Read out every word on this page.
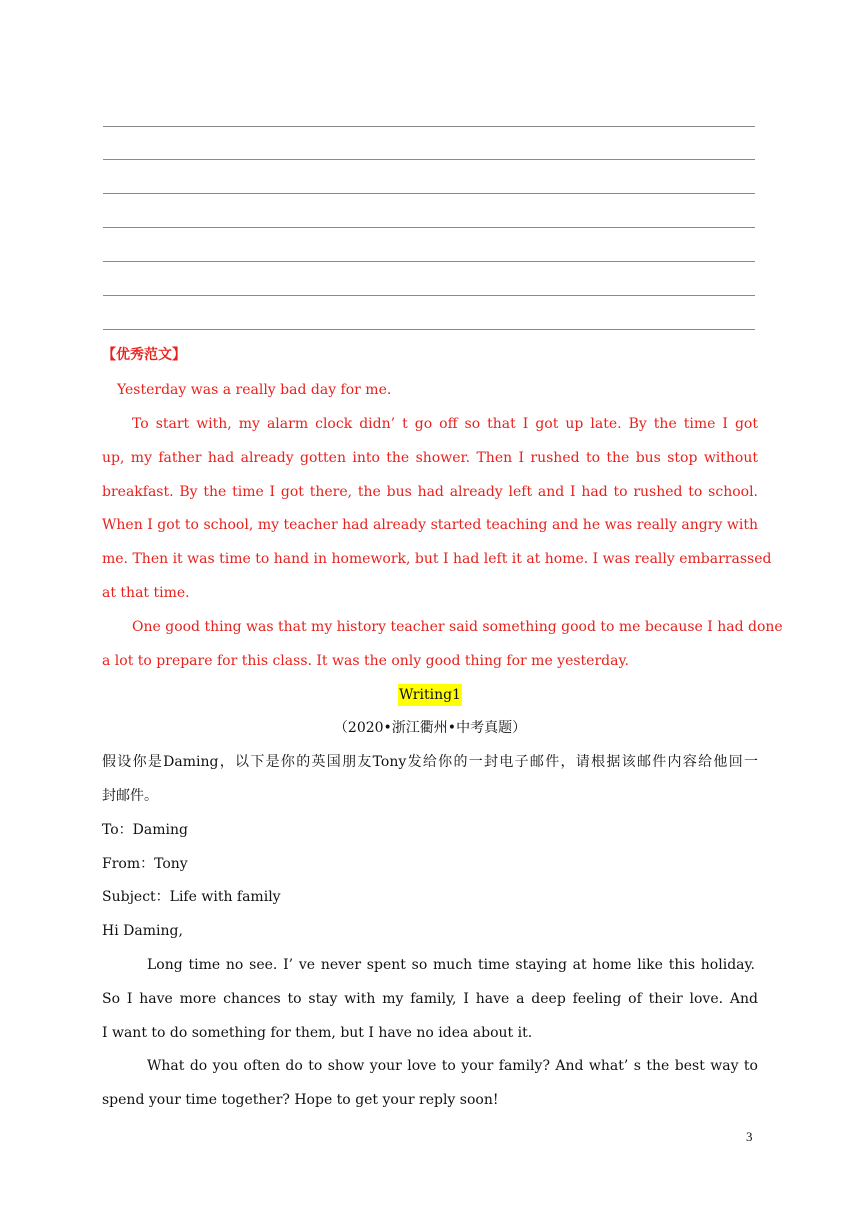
【优秀范文】
Yesterday was a really bad day for me.
To start with, my alarm clock didn’ t go off so that I got up late. By the time I got
up, my father had already gotten into the shower. Then I rushed to the bus stop without
breakfast. By the time I got there, the bus had already left and I had to rushed to school.
When I got to school, my teacher had already started teaching and he was really angry with
me. Then it was time to hand in homework, but I had left it at home. I was really embarrassed
at that time.
One good thing was that my history teacher said something good to me because I had done
a lot to prepare for this class. It was the only good thing for me yesterday.
Writing1
（2020•浙江衢州•中考真题）
假设你是Daming，以下是你的英国朋友Tony发给你的一封电子邮件，请根据该邮件内容给他回一
封邮件。
To：Daming
From：Tony
Subject：Life with family
Hi Daming,
Long time no see. I’ ve never spent so much time staying at home like this holiday.
So I have more chances to stay with my family, I have a deep feeling of their love. And
I want to do something for them, but I have no idea about it.
What do you often do to show your love to your family? And what’ s the best way to
spend your time together? Hope to get your reply soon!
3
